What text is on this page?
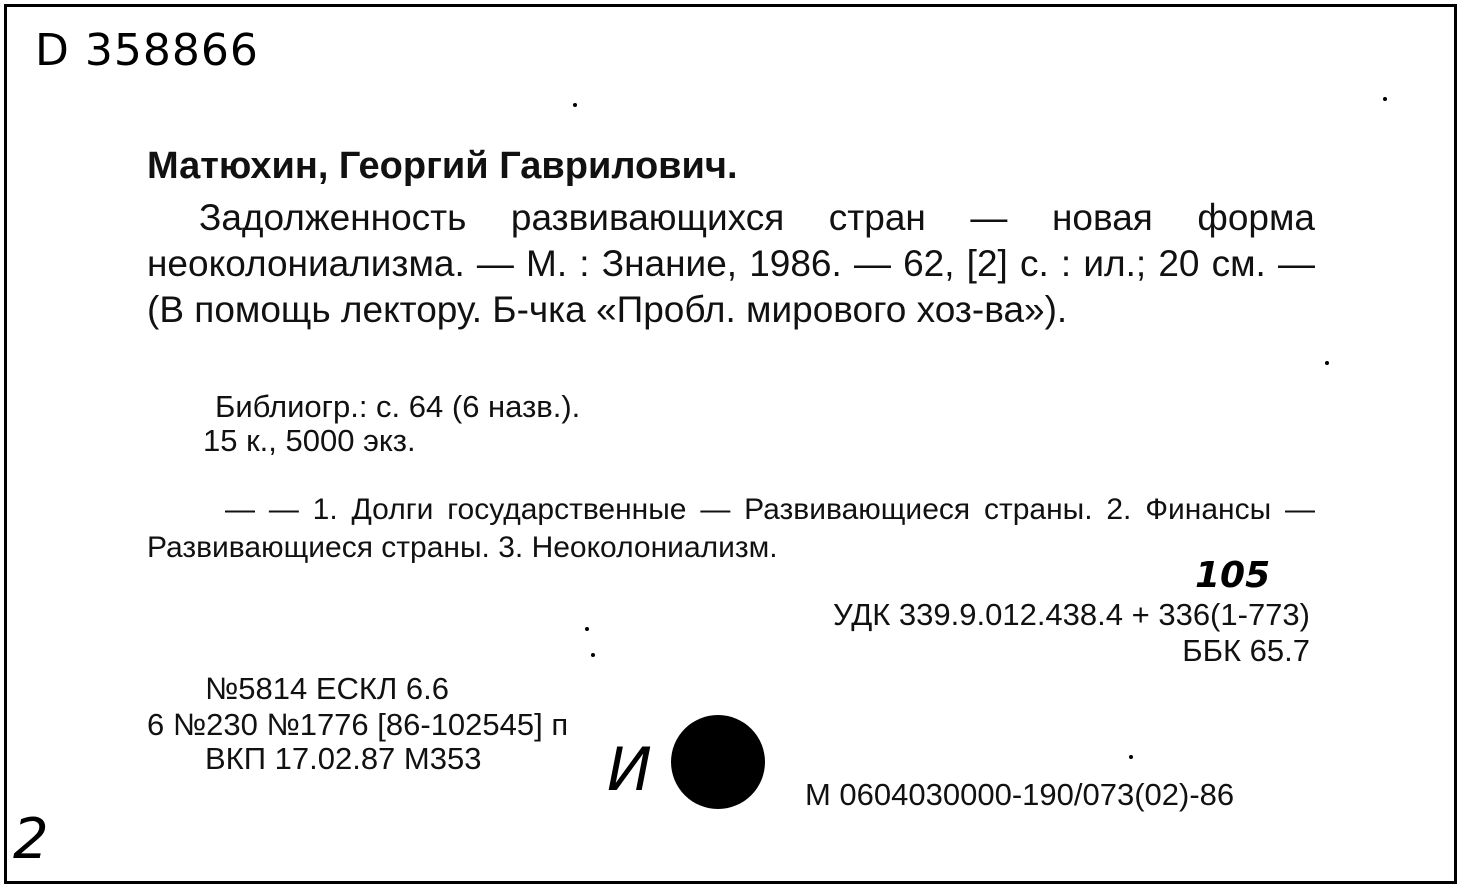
D 358866
Матюхин, Георгий Гаврилович.
Задолженность развивающихся стран — новая форма неоколониализма. — М. : Знание, 1986. — 62, [2] с. : ил.; 20 см. — (В помощь лектору. Б-чка «Пробл. мирового хоз-ва»).
Библиогр.: с. 64 (6 назв.).
15 к., 5000 экз.
— — 1. Долги государственные — Развивающиеся страны. 2. Финансы — Развивающиеся страны. 3. Неоколониализм.
105
УДК 339.9.012.438.4 + 336(1-773)
ББК 65.7
№5814 ЕСКЛ 6.6
6 №230 №1776 [86-102545] п
ВКП 17.02.87 М353 И	М 0604030000-190/073(02)-86
2
